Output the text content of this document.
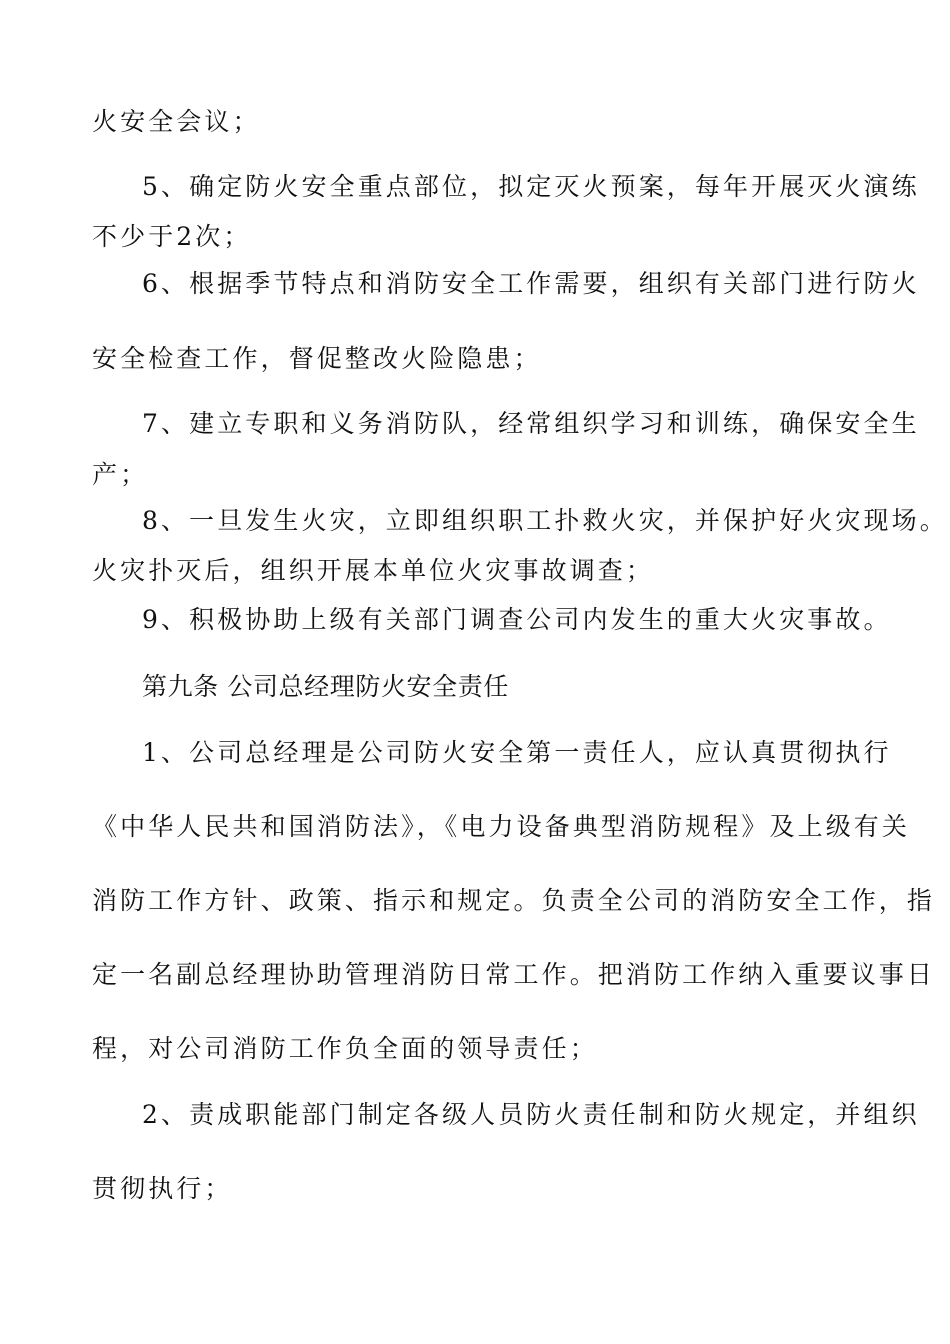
火安全会议；
5、确定防火安全重点部位，拟定灭火预案，每年开展灭火演练
不少于2次；
6、根据季节特点和消防安全工作需要，组织有关部门进行防火
安全检查工作，督促整改火险隐患；
7、建立专职和义务消防队，经常组织学习和训练，确保安全生
产；
8、一旦发生火灾，立即组织职工扑救火灾，并保护好火灾现场。
火灾扑灭后，组织开展本单位火灾事故调查；
9、积极协助上级有关部门调查公司内发生的重大火灾事故。
第九条 公司总经理防火安全责任
1、公司总经理是公司防火安全第一责任人，应认真贯彻执行
《中华人民共和国消防法》，《电力设备典型消防规程》及上级有关
消防工作方针、政策、指示和规定。负责全公司的消防安全工作，指
定一名副总经理协助管理消防日常工作。把消防工作纳入重要议事日
程，对公司消防工作负全面的领导责任；
2、责成职能部门制定各级人员防火责任制和防火规定，并组织
贯彻执行；
